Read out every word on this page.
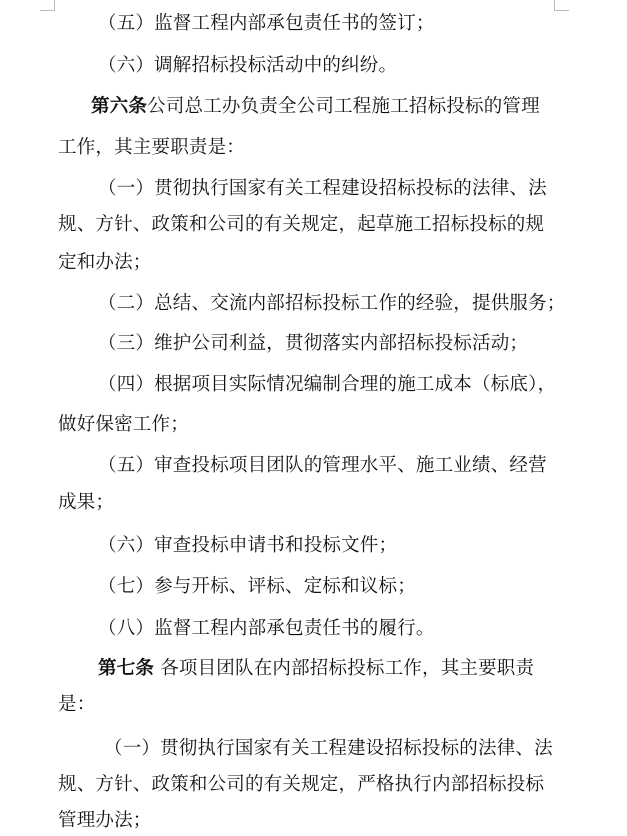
（五）监督工程内部承包责任书的签订；
（六）调解招标投标活动中的纠纷。
第六条公司总工办负责全公司工程施工招标投标的管理
工作，其主要职责是：
（一）贯彻执行国家有关工程建设招标投标的法律、法
规、方针、政策和公司的有关规定，起草施工招标投标的规
定和办法；
（二）总结、交流内部招标投标工作的经验，提供服务；
（三）维护公司利益，贯彻落实内部招标投标活动；
（四）根据项目实际情况编制合理的施工成本（标底），
做好保密工作；
（五）审查投标项目团队的管理水平、施工业绩、经营
成果；
（六）审查投标申请书和投标文件；
（七）参与开标、评标、定标和议标；
（八）监督工程内部承包责任书的履行。
第七条 各项目团队在内部招标投标工作，其主要职责
是：
（一）贯彻执行国家有关工程建设招标投标的法律、法
规、方针、政策和公司的有关规定，严格执行内部招标投标
管理办法；
